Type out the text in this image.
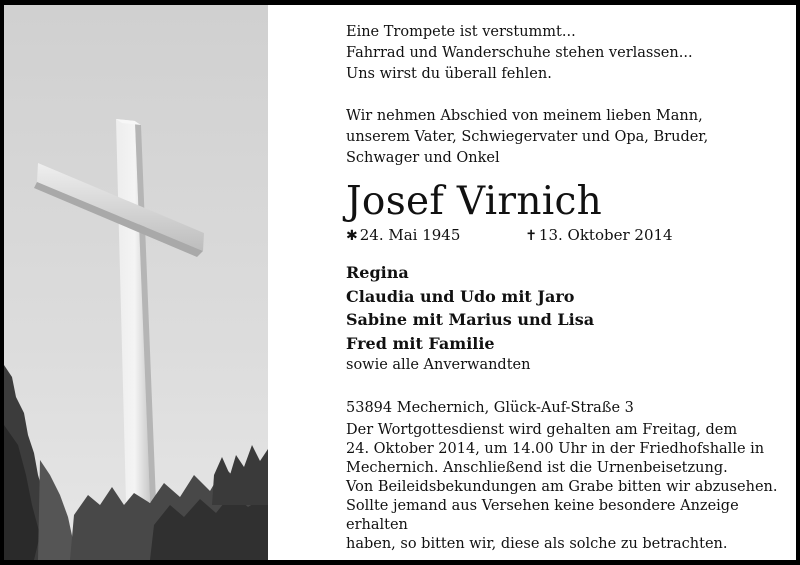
Eine Trompete ist verstummt...
Fahrrad und Wanderschuhe stehen verlassen...
Uns wirst du überall fehlen.

Wir nehmen Abschied von meinem lieben Mann,
unserem Vater, Schwiegervater und Opa, Bruder,
Schwager und Onkel

Josef Virnich

✱ 24. Mai 1945	✝ 13. Oktober 2014

Regina
Claudia und Udo mit Jaro
Sabine mit Marius und Lisa
Fred mit Familie
sowie alle Anverwandten

53894 Mechernich, Glück-Auf-Straße 3

Der Wortgottesdienst wird gehalten am Freitag, dem
24. Oktober 2014, um 14.00 Uhr in der Friedhofshalle in
Mechernich. Anschließend ist die Urnenbeisetzung.
Von Beileidsbekundungen am Grabe bitten wir abzusehen.
Sollte jemand aus Versehen keine besondere Anzeige erhalten
haben, so bitten wir, diese als solche zu betrachten.
